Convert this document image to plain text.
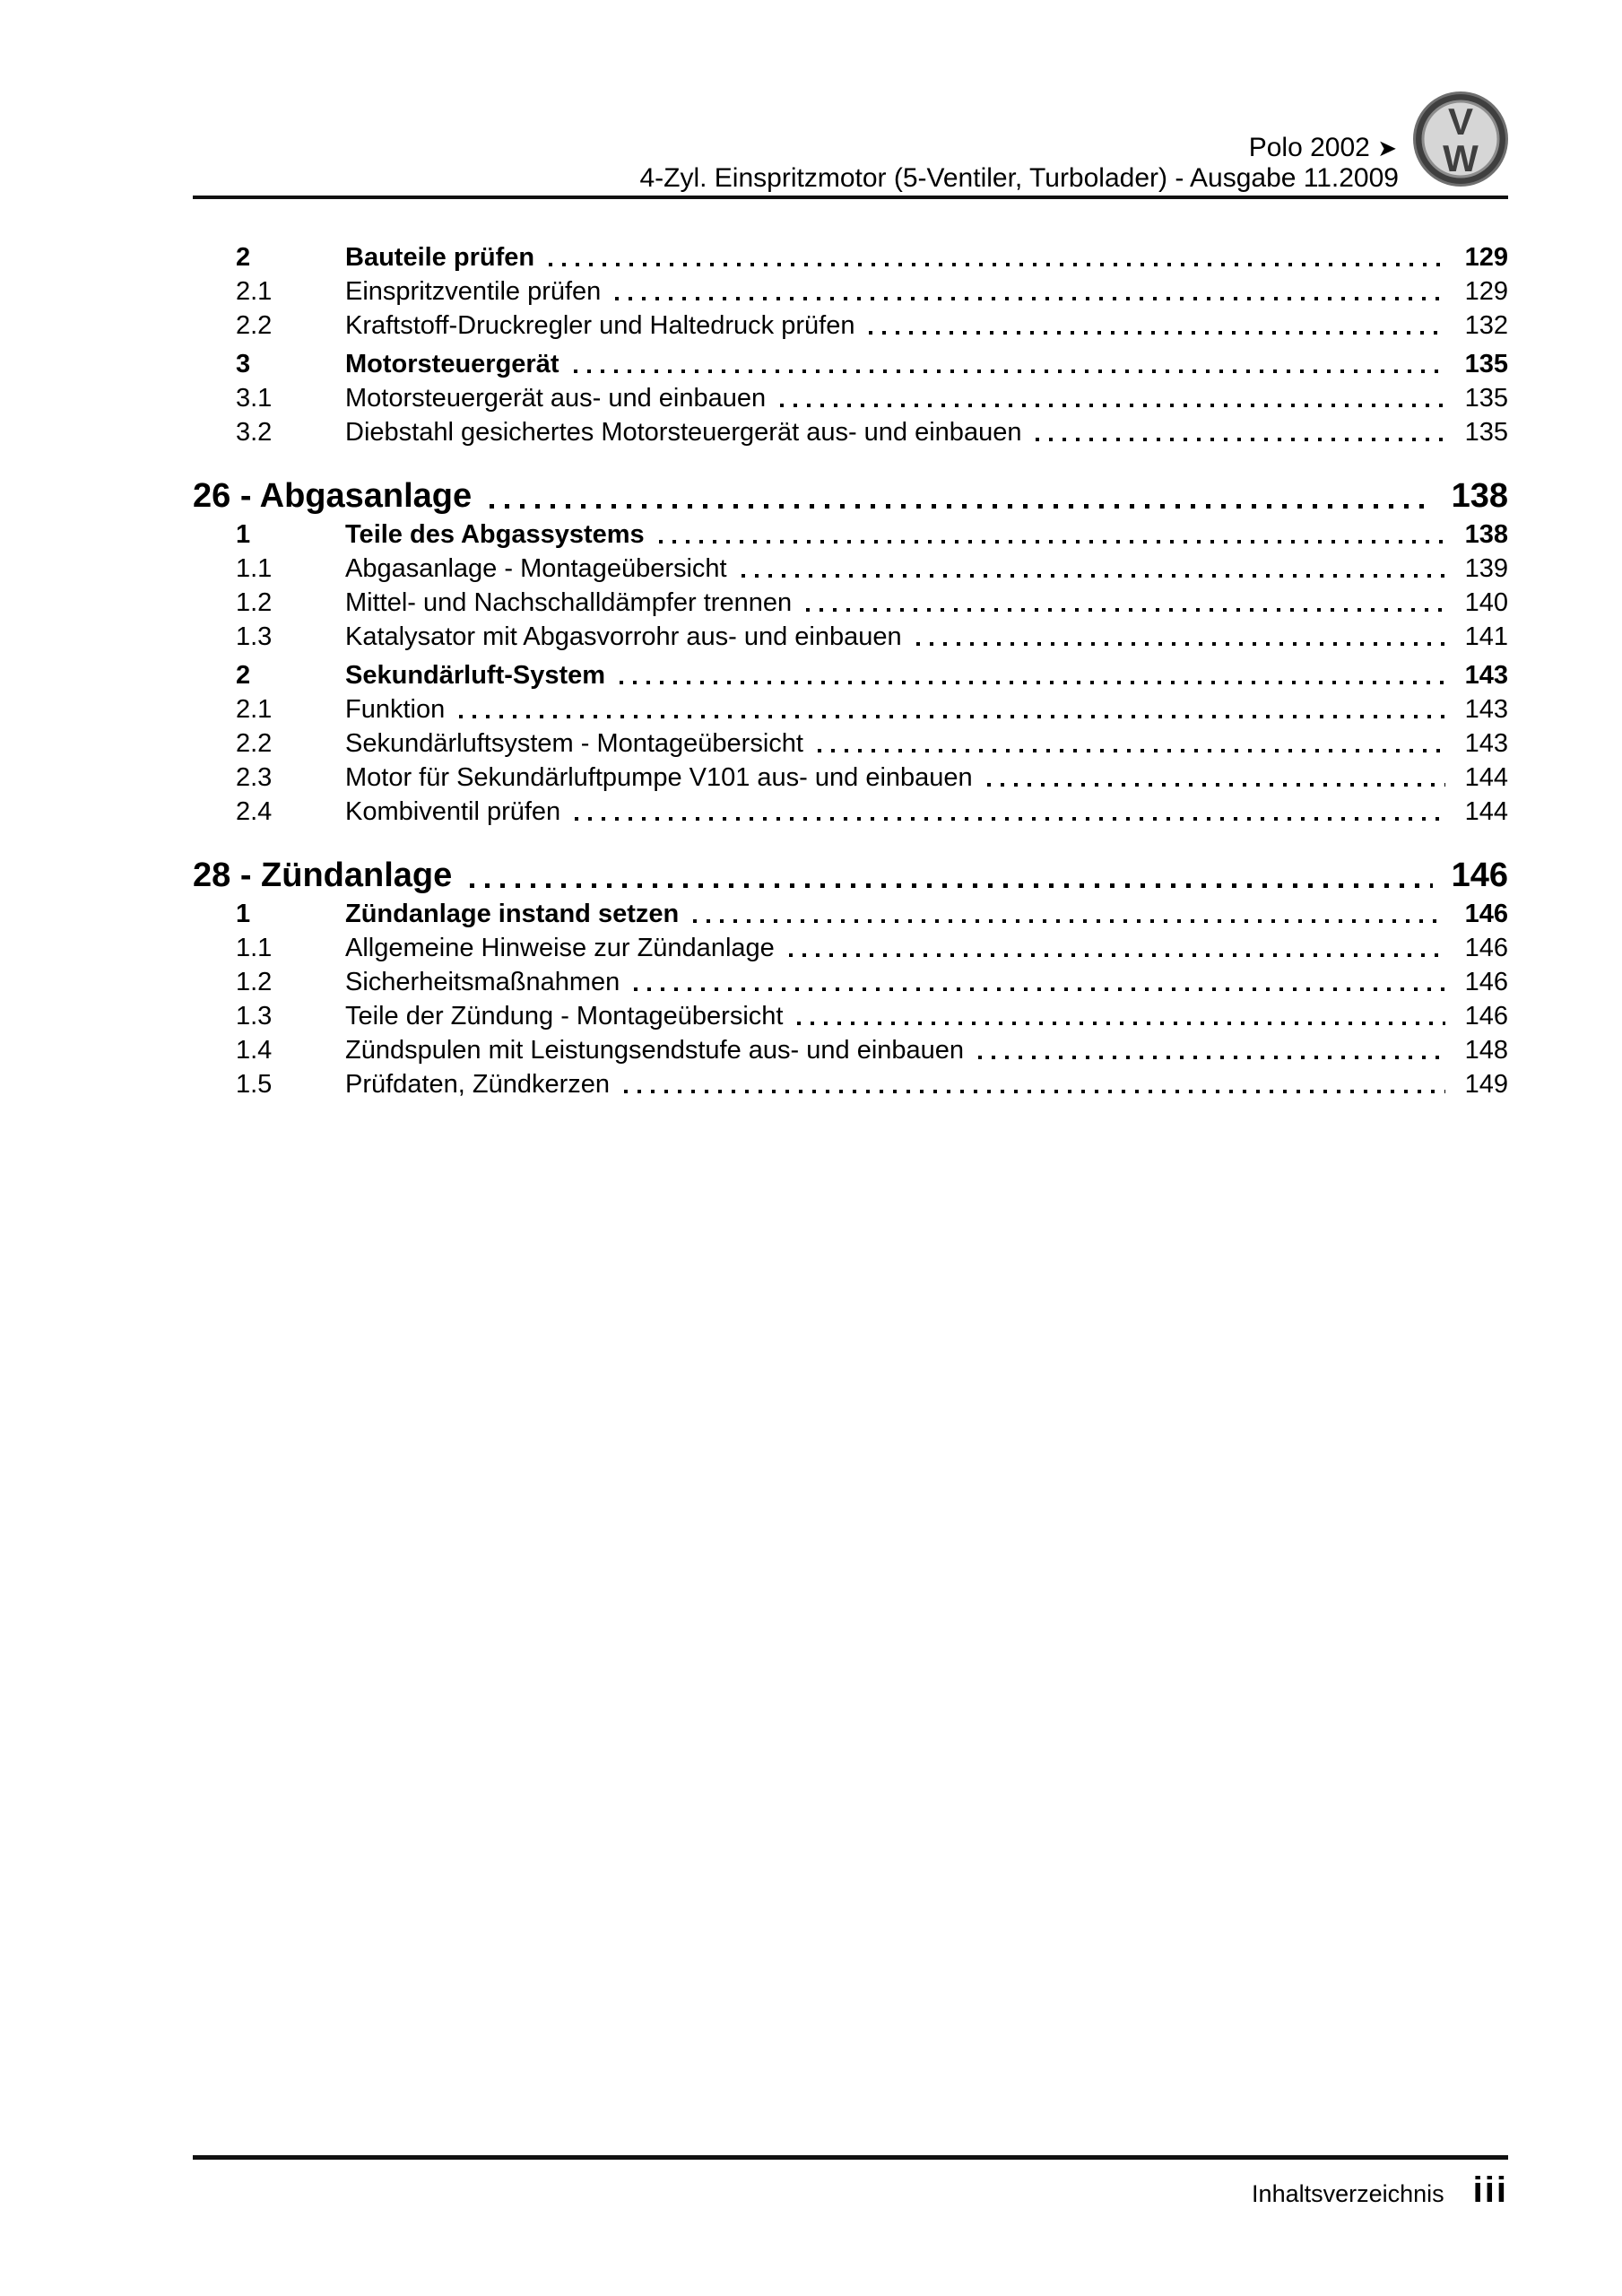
Polo 2002 ➤
4-Zyl. Einspritzmotor (5-Ventiler, Turbolader) - Ausgabe 11.2009
V
W
2	Bauteile prüfen	129
2.1	Einspritzventile prüfen	129
2.2	Kraftstoff-Druckregler und Haltedruck prüfen	132
3	Motorsteuergerät	135
3.1	Motorsteuergerät aus- und einbauen	135
3.2	Diebstahl gesichertes Motorsteuergerät aus- und einbauen	135
26 - Abgasanlage	138
1	Teile des Abgassystems	138
1.1	Abgasanlage - Montageübersicht	139
1.2	Mittel- und Nachschalldämpfer trennen	140
1.3	Katalysator mit Abgasvorrohr aus- und einbauen	141
2	Sekundärluft-System	143
2.1	Funktion	143
2.2	Sekundärluftsystem - Montageübersicht	143
2.3	Motor für Sekundärluftpumpe V101 aus- und einbauen	144
2.4	Kombiventil prüfen	144
28 - Zündanlage	146
1	Zündanlage instand setzen	146
1.1	Allgemeine Hinweise zur Zündanlage	146
1.2	Sicherheitsmaßnahmen	146
1.3	Teile der Zündung - Montageübersicht	146
1.4	Zündspulen mit Leistungsendstufe aus- und einbauen	148
1.5	Prüfdaten, Zündkerzen	149
Inhaltsverzeichnis iii
